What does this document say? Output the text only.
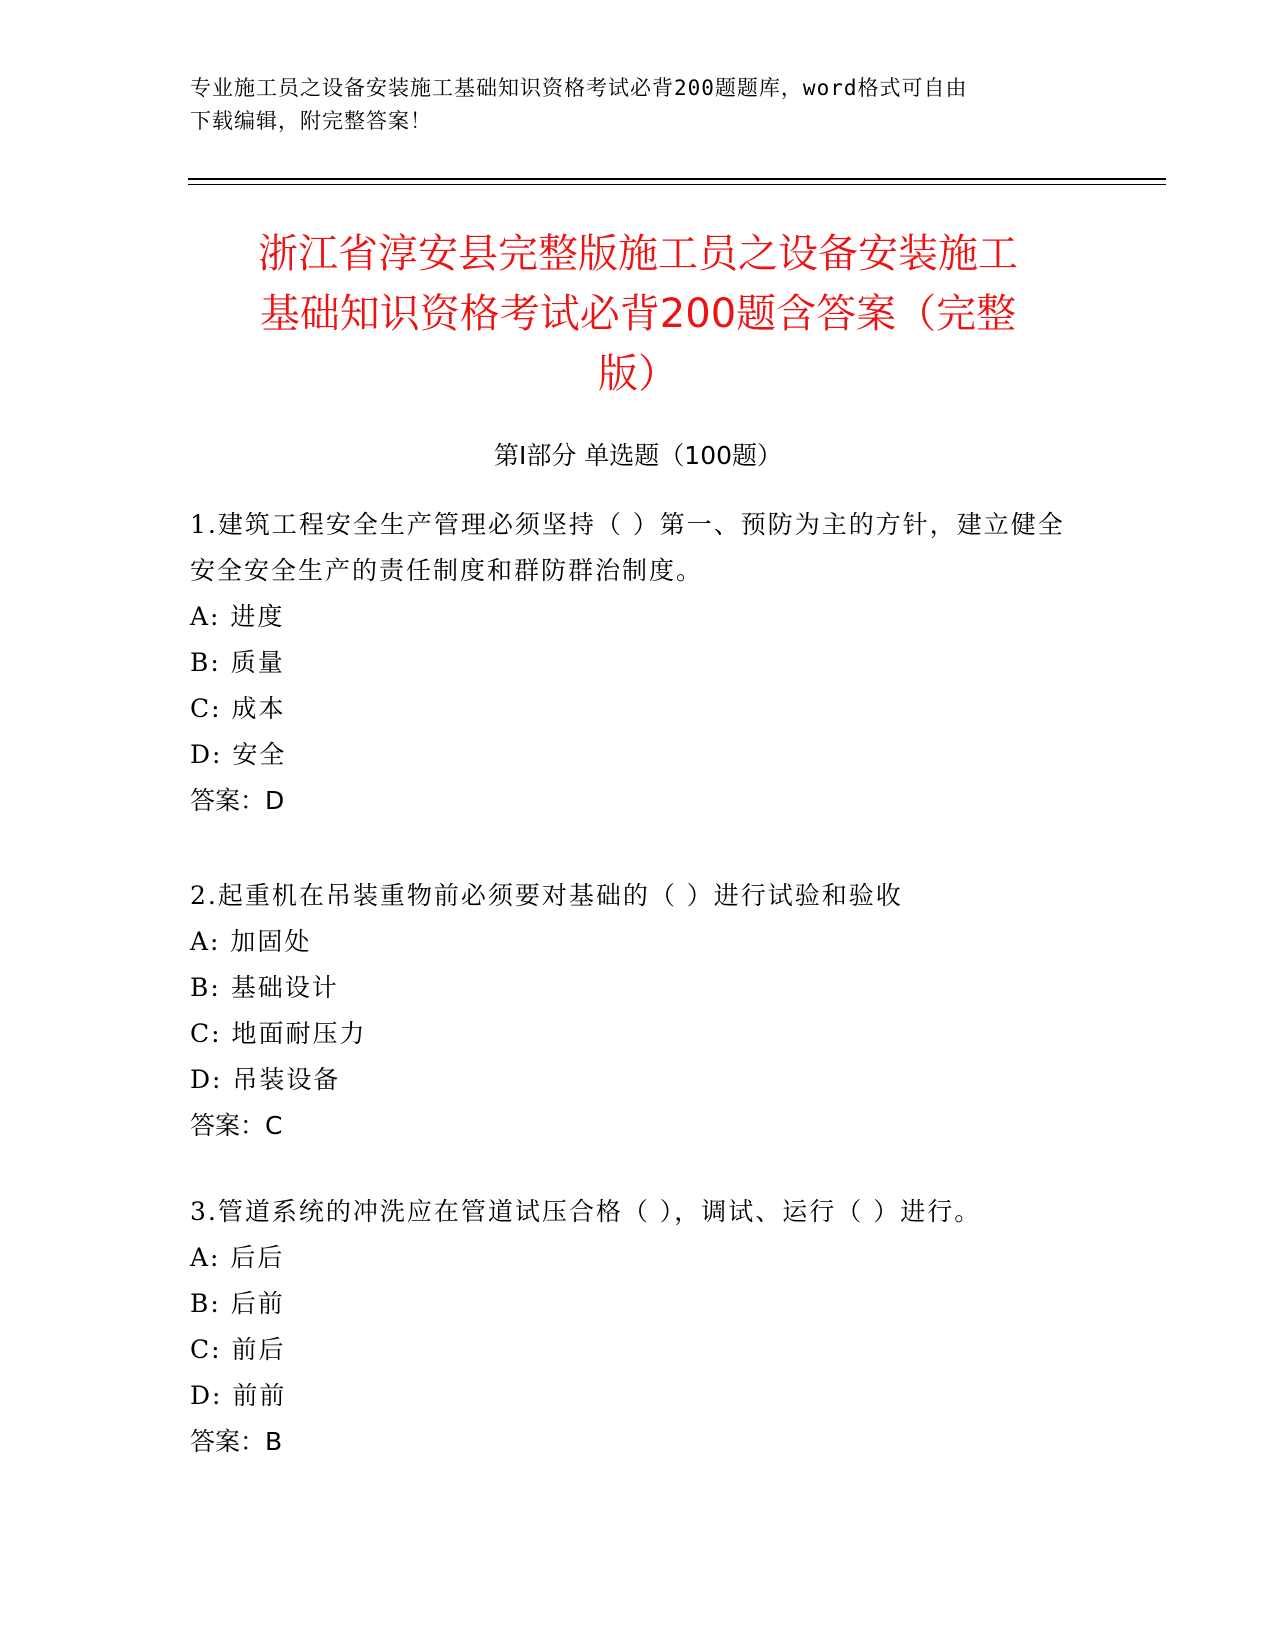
专业施工员之设备安装施工基础知识资格考试必背200题题库，word格式可自由
下载编辑，附完整答案！
浙江省淳安县完整版施工员之设备安装施工
基础知识资格考试必背200题含答案（完整
版）
第Ⅰ部分 单选题（100题）

1.建筑工程安全生产管理必须坚持（ ）第一、预防为主的方针，建立健全安全安全生产的责任制度和群防群治制度。

A: 进度

B: 质量

C: 成本

D: 安全

答案：D

2.起重机在吊装重物前必须要对基础的（ ）进行试验和验收

A: 加固处

B: 基础设计

C: 地面耐压力

D: 吊装设备

答案：C

3.管道系统的冲洗应在管道试压合格（ ），调试、运行（ ）进行。

A: 后后

B: 后前

C: 前后

D: 前前

答案：B
